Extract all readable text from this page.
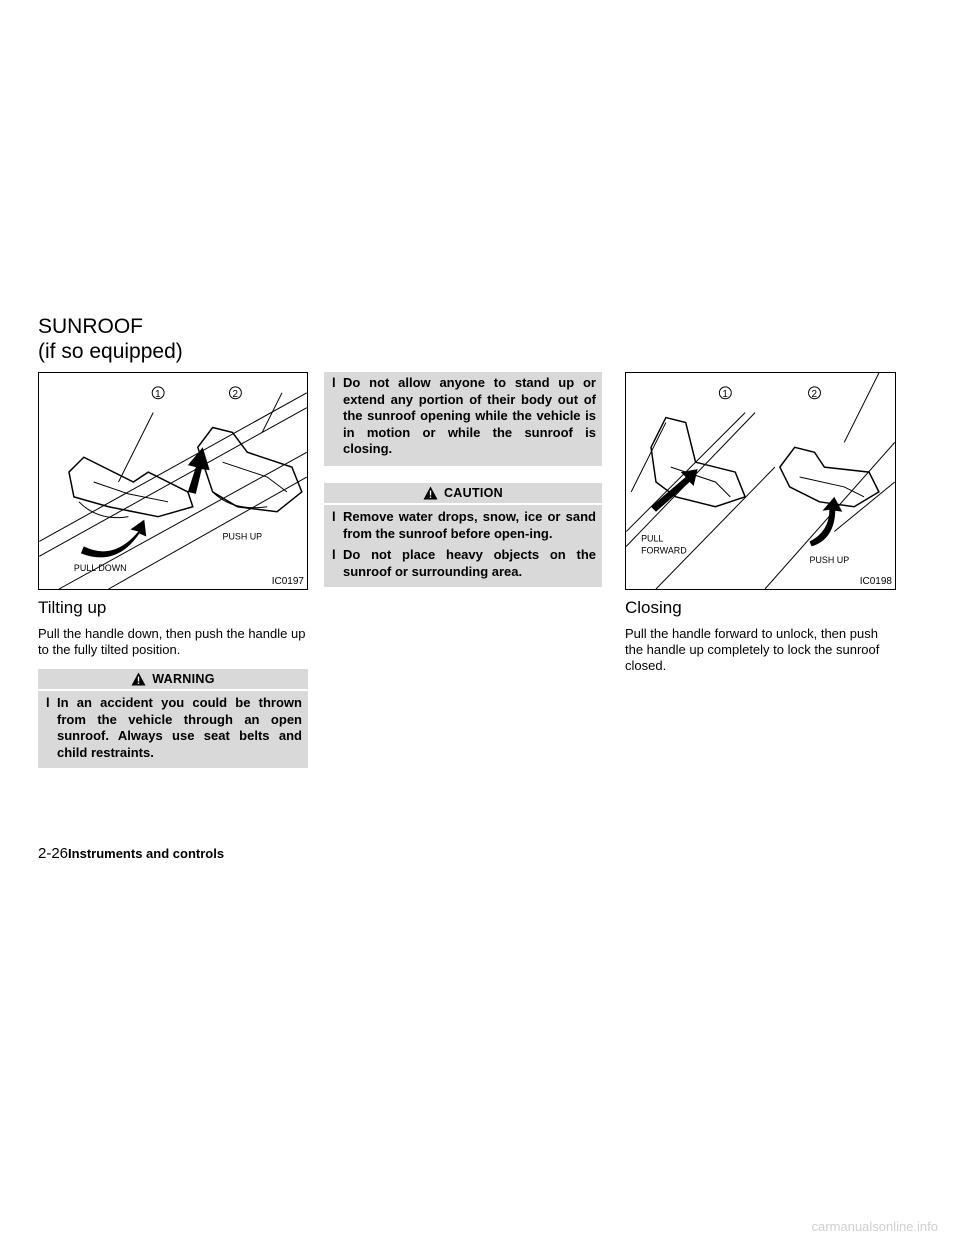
SUNROOF
(if so equipped)
1	2
PULL DOWN
PUSH UP
IC0197
Tilting up
Pull the handle down, then push the handle up to the fully tilted position.
WARNING
l In an accident you could be thrown from the vehicle through an open sunroof. Always use seat belts and child restraints.
l Do not allow anyone to stand up or extend any portion of their body out of the sunroof opening while the vehicle is in motion or while the sunroof is closing.
CAUTION
l Remove water drops, snow, ice or sand from the sunroof before open-ing.
l Do not place heavy objects on the sunroof or surrounding area.
1	2
PULL
FORWARD
PUSH UP
IC0198
Closing
Pull the handle forward to unlock, then push the handle up completely to lock the sunroof closed.
2-26Instruments and controls
carmanualsonline.info
